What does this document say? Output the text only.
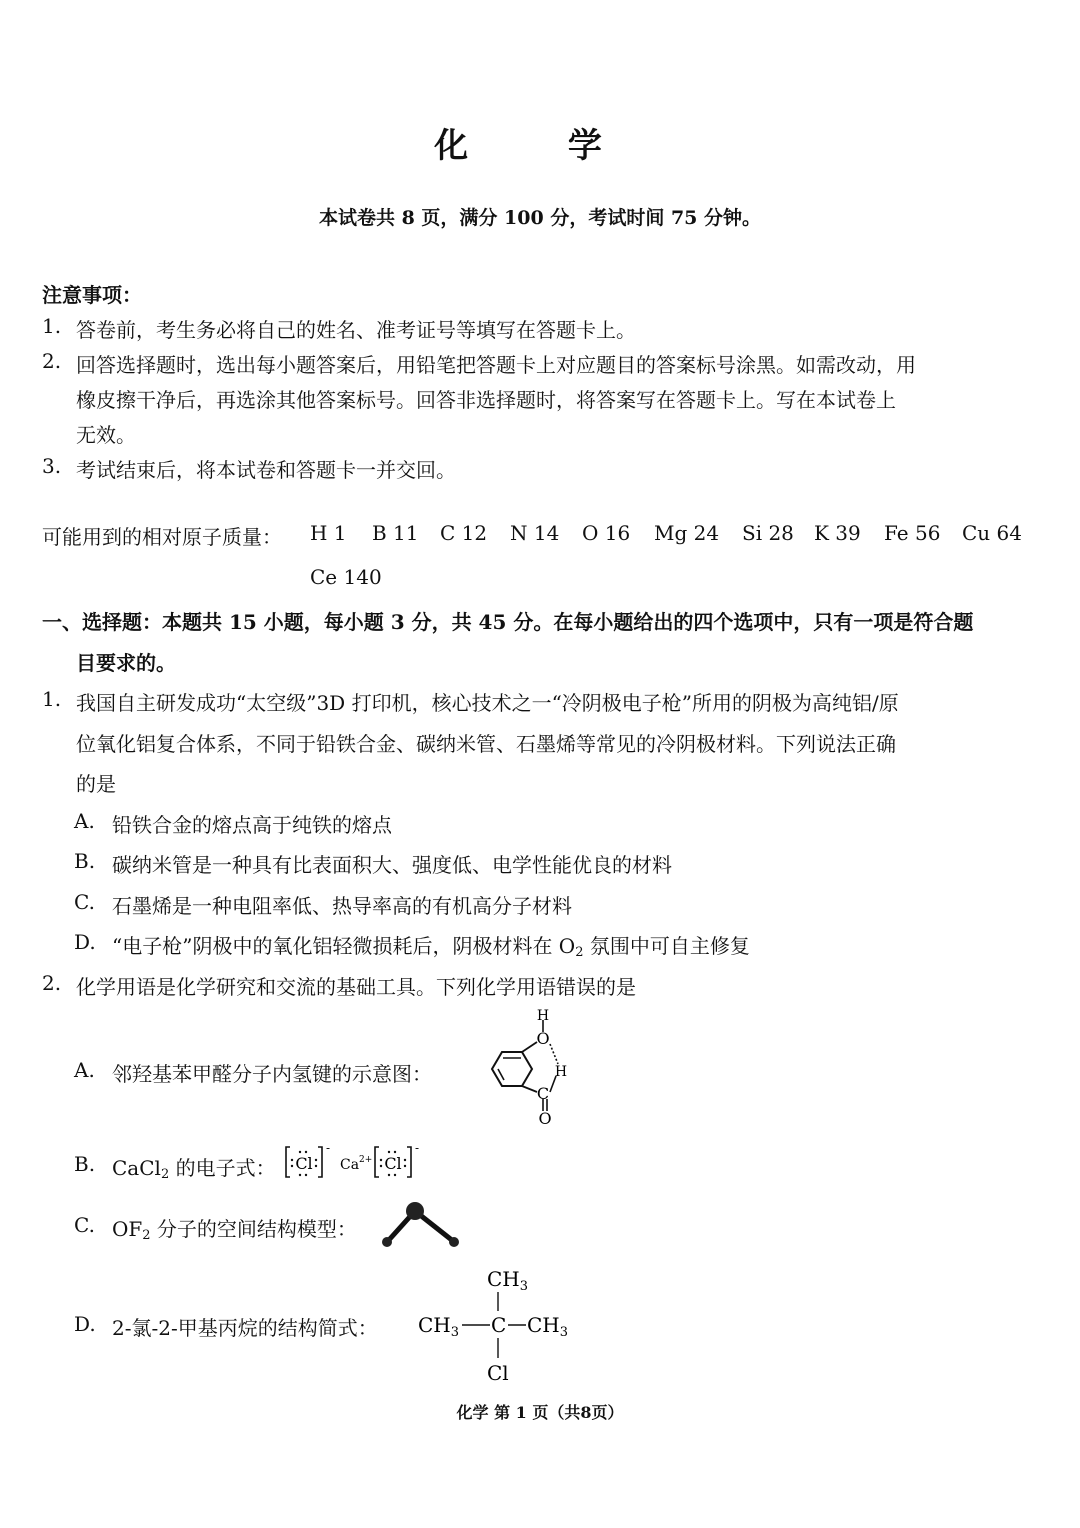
化 学
本试卷共 8 页，满分 100 分，考试时间 75 分钟。
注意事项：
1. 答卷前，考生务必将自己的姓名、准考证号等填写在答题卡上。
2. 回答选择题时，选出每小题答案后，用铅笔把答题卡上对应题目的答案标号涂黑。如需改动，用
橡皮擦干净后，再选涂其他答案标号。回答非选择题时，将答案写在答题卡上。写在本试卷上
无效。
3. 考试结束后，将本试卷和答题卡一并交回。
可能用到的相对原子质量： H 1 B 11 C 12 N 14 O 16 Mg 24 Si 28 K 39 Fe 56 Cu 64
Ce 140
一、选择题：本题共 15 小题，每小题 3 分，共 45 分。在每小题给出的四个选项中，只有一项是符合题
目要求的。
1. 我国自主研发成功“太空级”3D 打印机，核心技术之一“冷阴极电子枪”所用的阴极为高纯铝/原
位氧化铝复合体系，不同于铅铁合金、碳纳米管、石墨烯等常见的冷阴极材料。下列说法正确
的是
A. 铅铁合金的熔点高于纯铁的熔点
B. 碳纳米管是一种具有比表面积大、强度低、电学性能优良的材料
C. 石墨烯是一种电阻率低、热导率高的有机高分子材料
D. “电子枪”阴极中的氧化铝轻微损耗后，阴极材料在 $O_2$ 氛围中可自主修复
2. 化学用语是化学研究和交流的基础工具。下列化学用语错误的是
A. 邻羟基苯甲醛分子内氢键的示意图：
H
O
H
C
O
B. CaCl$_2$ 的电子式： Cl
-
Ca 2+ Cl
-
C. $OF_2$ 分子的空间结构模型：
D. 2-氯-2-甲基丙烷的结构简式：
$CH_3$
$CH_3$ C $CH_3$
Cl
化学 第 1 页（共8页）
